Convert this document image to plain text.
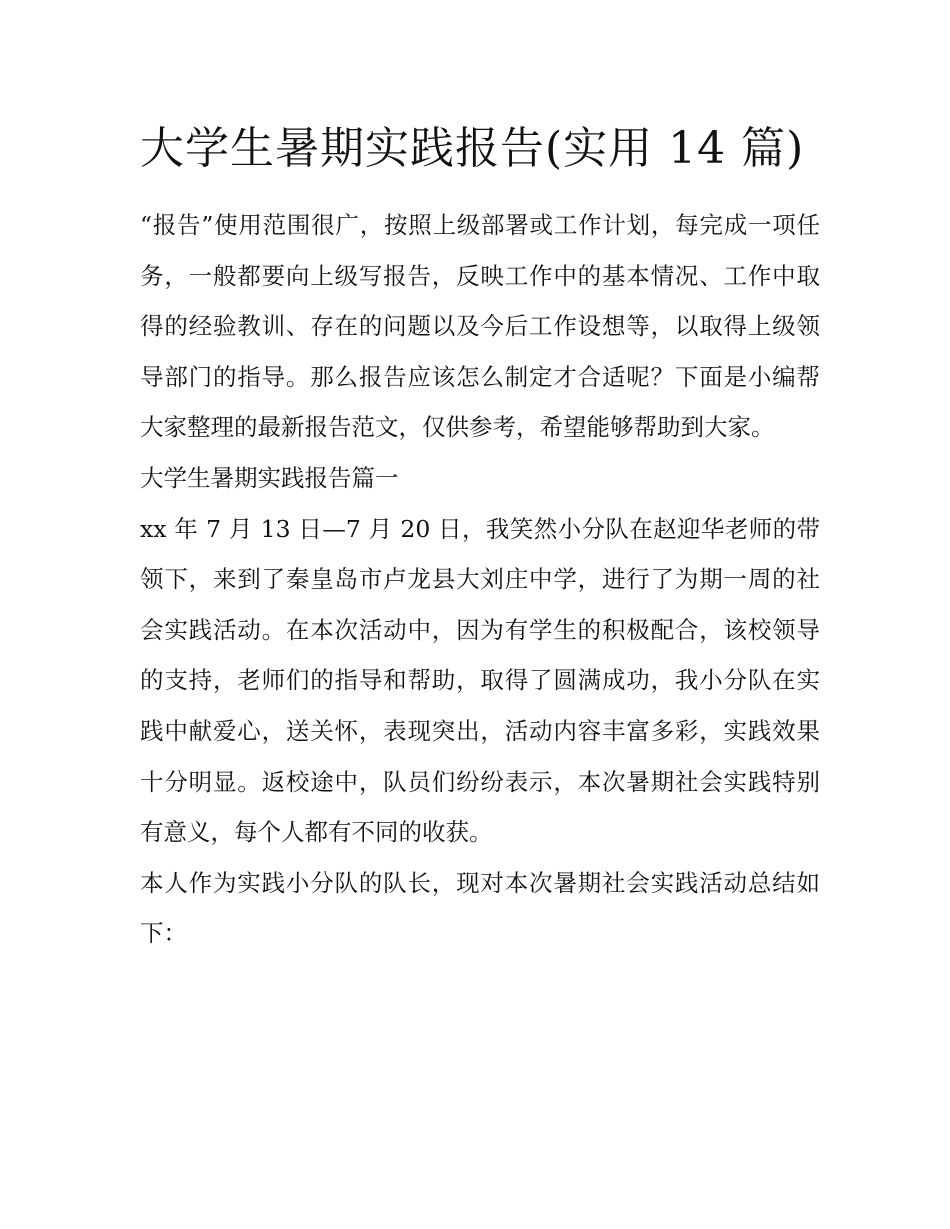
大学生暑期实践报告(实用 14 篇)

“报告”使用范围很广，按照上级部署或工作计划，每完成一项任务，一般都要向上级写报告，反映工作中的基本情况、工作中取得的经验教训、存在的问题以及今后工作设想等，以取得上级领导部门的指导。那么报告应该怎么制定才合适呢？下面是小编帮大家整理的最新报告范文，仅供参考，希望能够帮助到大家。

大学生暑期实践报告篇一

xx 年 7 月 13 日—7 月 20 日，我笑然小分队在赵迎华老师的带领下，来到了秦皇岛市卢龙县大刘庄中学，进行了为期一周的社会实践活动。在本次活动中，因为有学生的积极配合，该校领导的支持，老师们的指导和帮助，取得了圆满成功，我小分队在实践中献爱心，送关怀，表现突出，活动内容丰富多彩，实践效果十分明显。返校途中，队员们纷纷表示，本次暑期社会实践特别有意义，每个人都有不同的收获。

本人作为实践小分队的队长，现对本次暑期社会实践活动总结如下：
